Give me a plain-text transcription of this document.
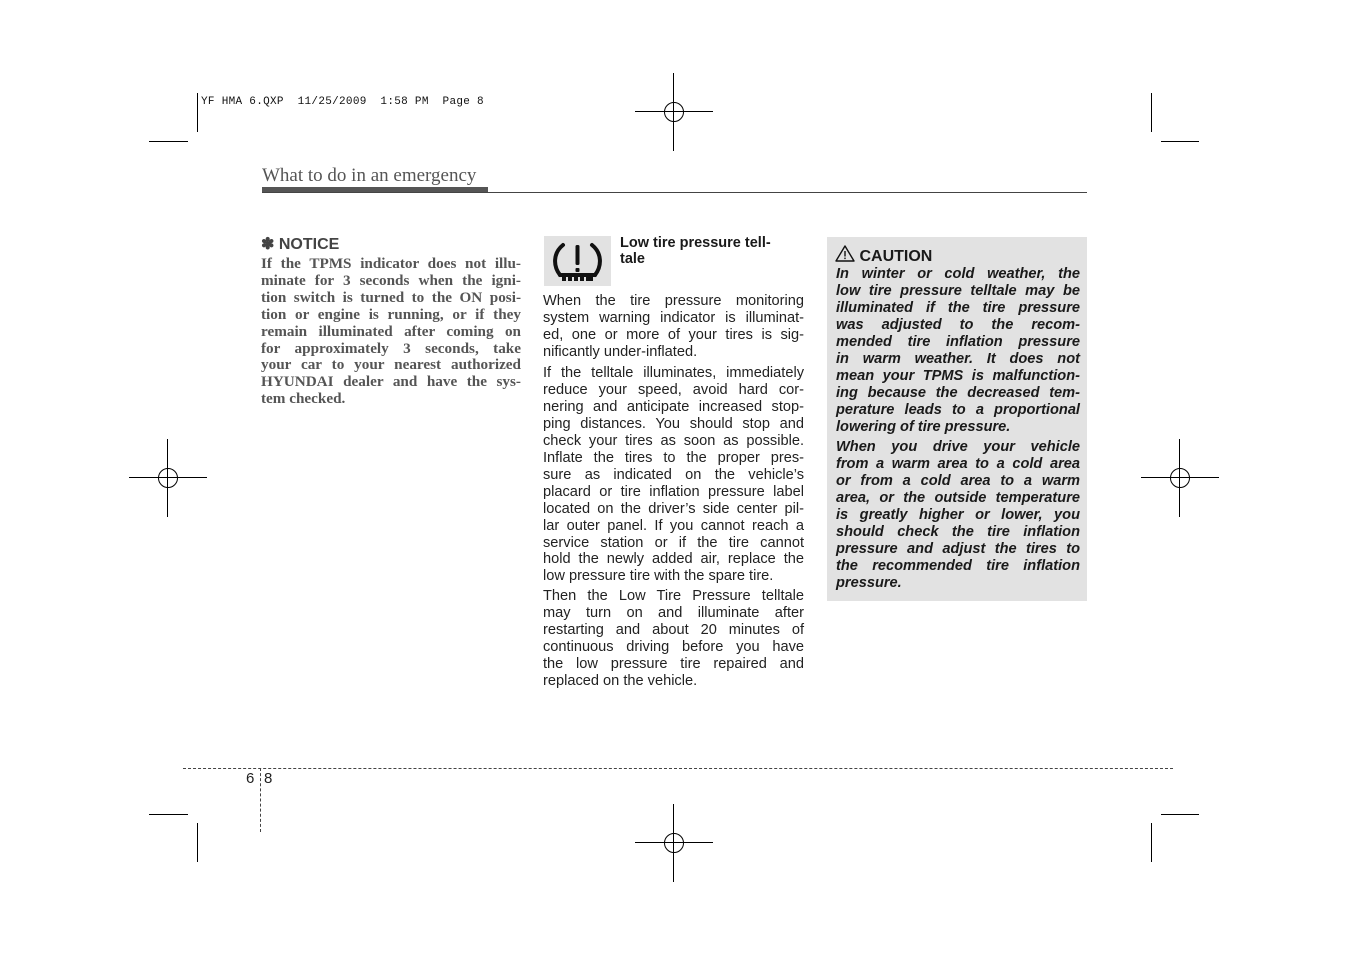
YF HMA 6.QXP  11/25/2009  1:58 PM  Page 8
What to do in an emergency
✽ NOTICE
If the TPMS indicator does not illu-
minate for 3 seconds when the igni-
tion switch is turned to the ON posi-
tion or engine is running, or if they
remain illuminated after coming on
for approximately 3 seconds, take
your car to your nearest authorized
HYUNDAI dealer and have the sys-
tem checked.
Low tire pressure tell-
tale
When the tire pressure monitoring
system warning indicator is illuminat-
ed, one or more of your tires is sig-
nificantly under-inflated.
If the telltale illuminates, immediately
reduce your speed, avoid hard cor-
nering and anticipate increased stop-
ping distances. You should stop and
check your tires as soon as possible.
Inflate the tires to the proper pres-
sure as indicated on the vehicle’s
placard or tire inflation pressure label
located on the driver’s side center pil-
lar outer panel. If you cannot reach a
service station or if the tire cannot
hold the newly added air, replace the
low pressure tire with the spare tire.
Then the Low Tire Pressure telltale
may turn on and illuminate after
restarting and about 20 minutes of
continuous driving before you have
the low pressure tire repaired and
replaced on the vehicle.
CAUTION
In winter or cold weather, the
low tire pressure telltale may be
illuminated if the tire pressure
was adjusted to the recom-
mended tire inflation pressure
in warm weather. It does not
mean your TPMS is malfunction-
ing because the decreased tem-
perature leads to a proportional
lowering of tire pressure.
When you drive your vehicle
from a warm area to a cold area
or from a cold area to a warm
area, or the outside temperature
is greatly higher or lower, you
should check the tire inflation
pressure and adjust the tires to
the recommended tire inflation
pressure.
6 8
